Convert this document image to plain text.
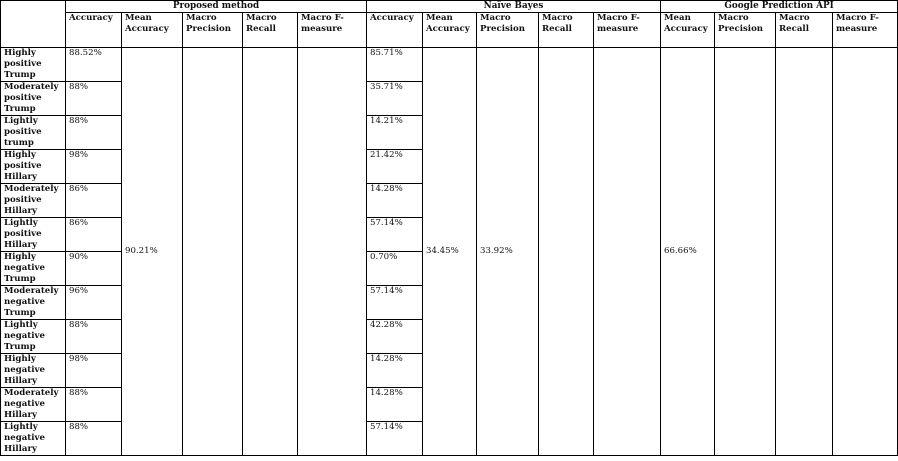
	Proposed method					Naïve Bayes					Google Prediction API			
	Accuracy	Mean Accuracy	Macro Precision	Macro Recall	Macro F-measure	Accuracy	Mean Accuracy	Macro Precision	Macro Recall	Macro F-measure	Mean Accuracy	Macro Precision	Macro Recall	Macro F-measure
Highly positive Trump	88.52%	90.21%				85.71%	34.45%	33.92%			66.66%			
Moderately positive Trump	88%					35.71%								
Lightly positive trump	88%					14.21%								
Highly positive Hillary	98%					21.42%								
Moderately positive Hillary	86%					14.28%								
Lightly positive Hillary	86%					57.14%								
Highly negative Trump	90%					0.70%								
Moderately negative Trump	96%					57.14%								
Lightly negative Trump	88%					42.28%								
Highly negative Hillary	98%					14.28%								
Moderately negative Hillary	88%					14.28%								
Lightly negative Hillary	88%					57.14%								
